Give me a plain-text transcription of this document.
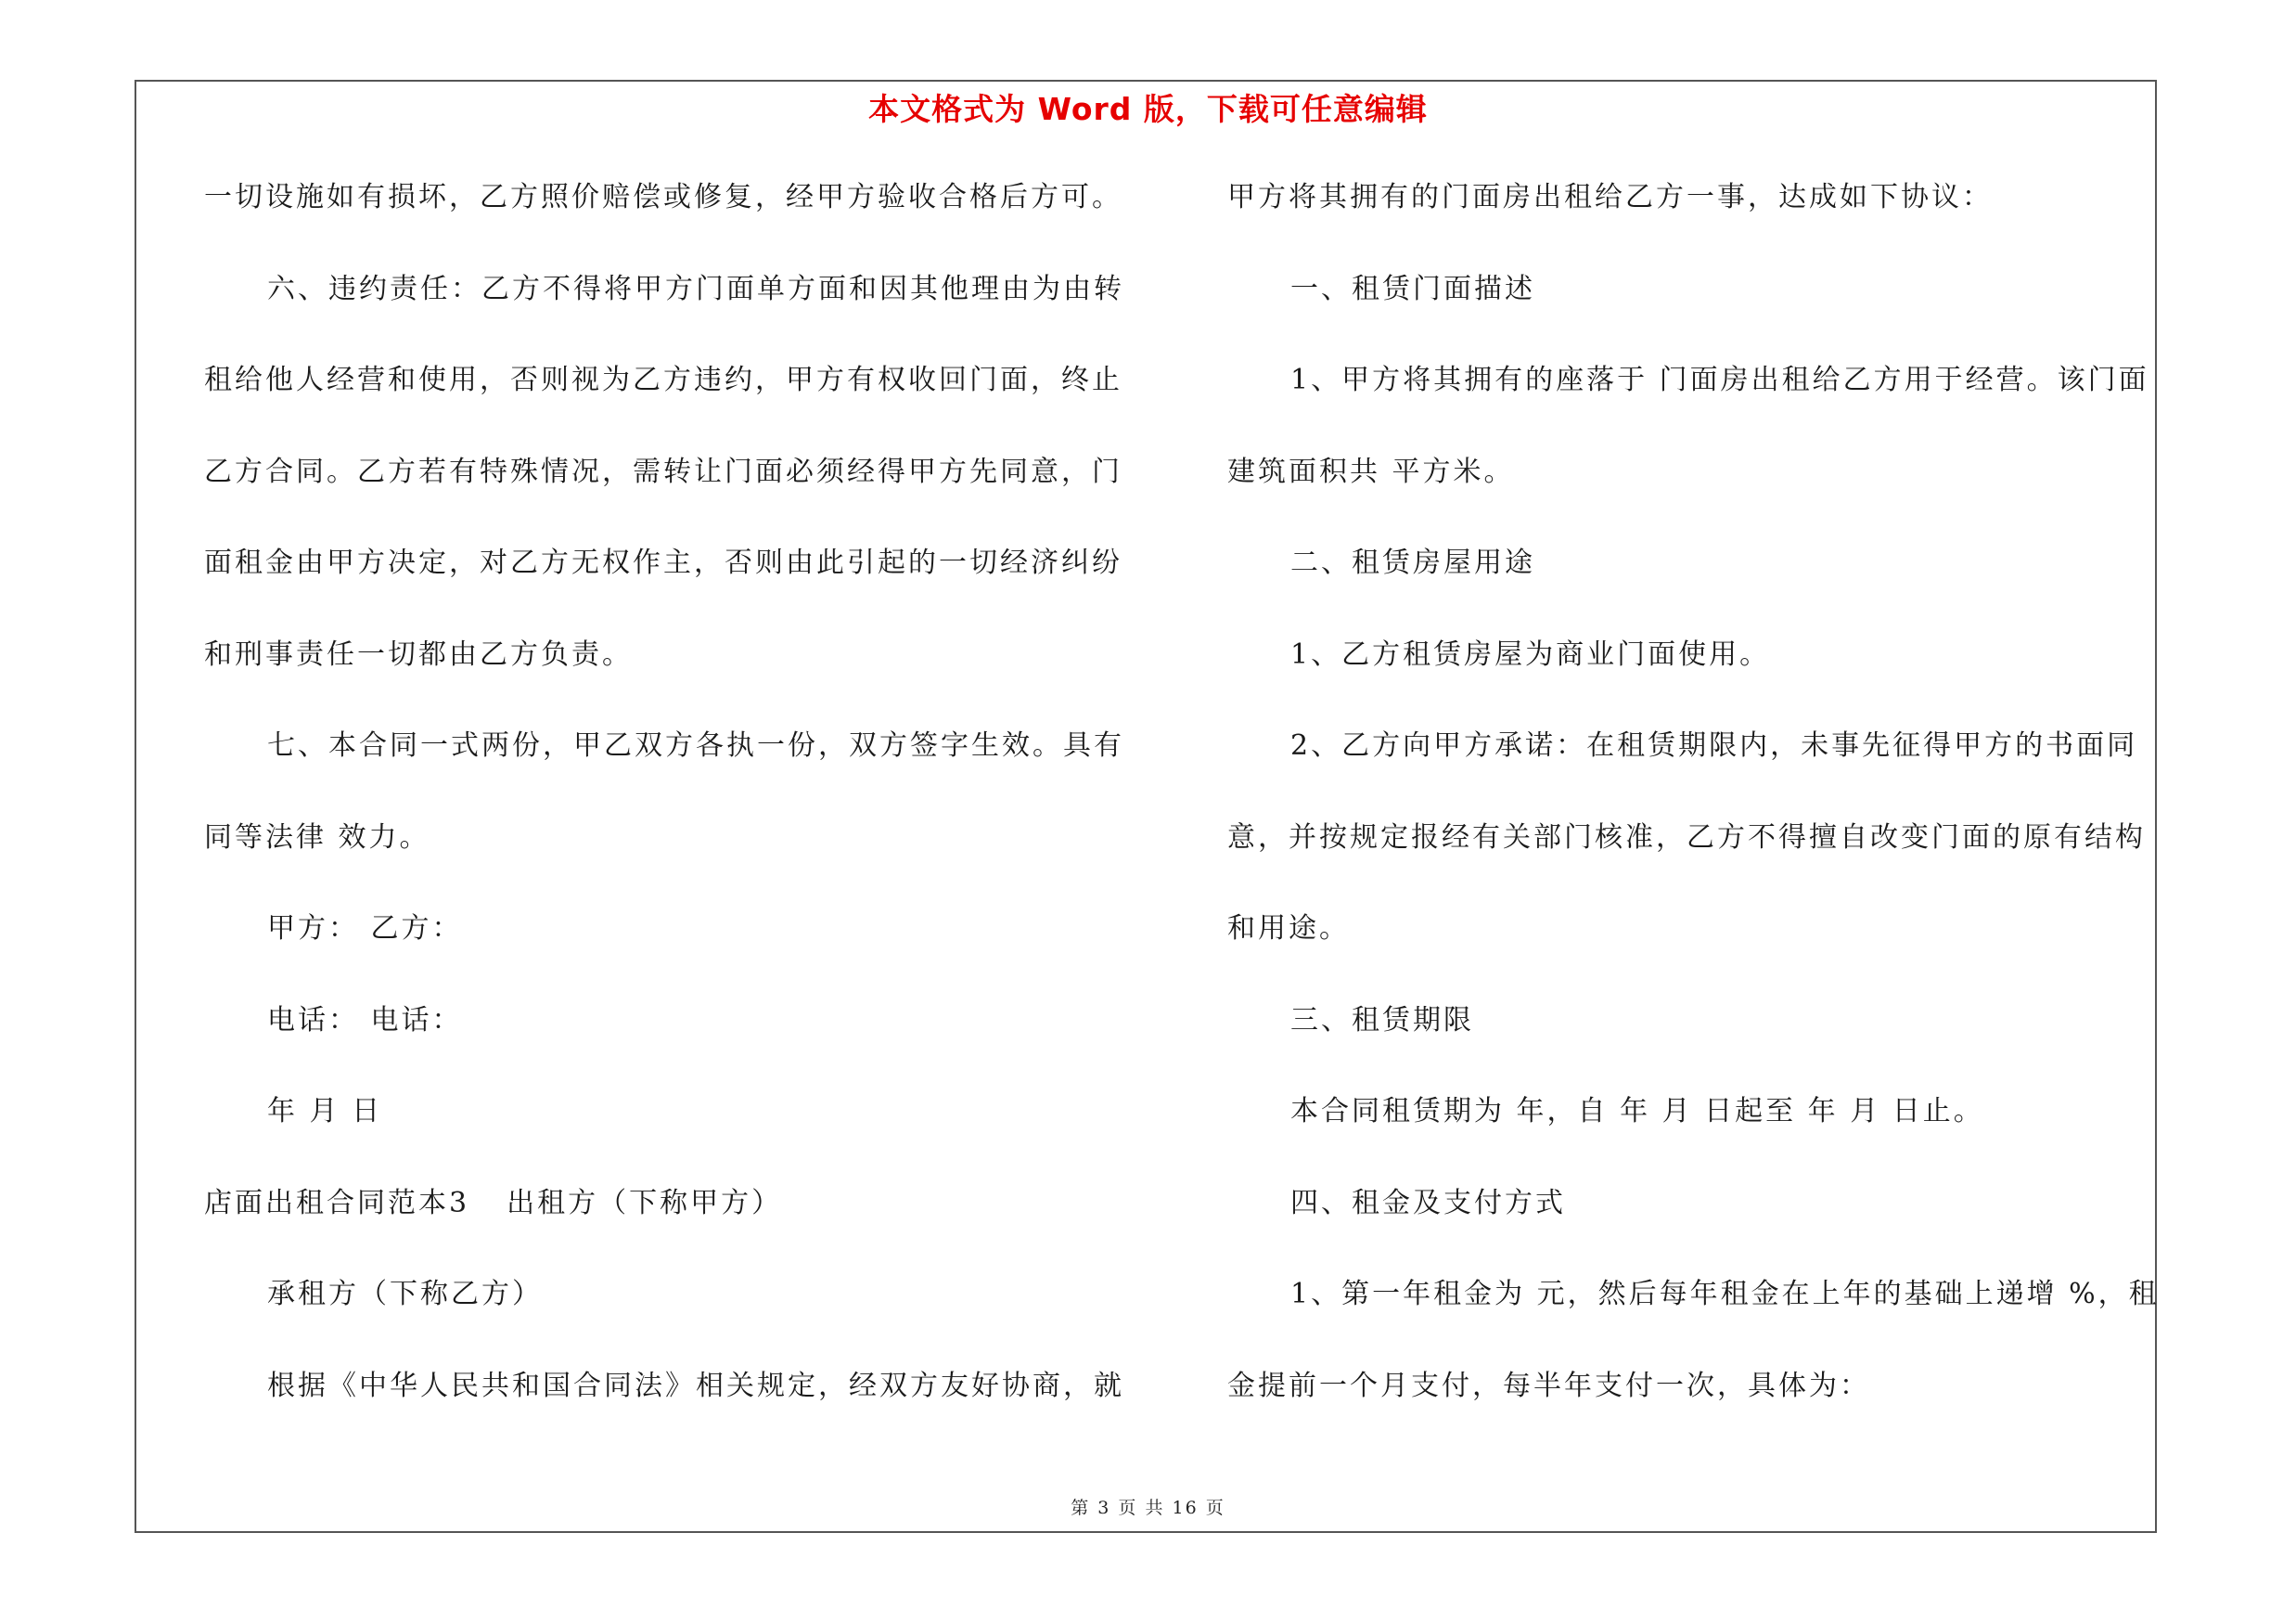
本文格式为 Word 版，下载可任意编辑
一切设施如有损坏，乙方照价赔偿或修复，经甲方验收合格后方可。
六、违约责任：乙方不得将甲方门面单方面和因其他理由为由转
租给他人经营和使用，否则视为乙方违约，甲方有权收回门面，终止
乙方合同。乙方若有特殊情况，需转让门面必须经得甲方先同意，门
面租金由甲方决定，对乙方无权作主，否则由此引起的一切经济纠纷
和刑事责任一切都由乙方负责。
七、本合同一式两份，甲乙双方各执一份，双方签字生效。具有
同等法律 效力。
甲方： 乙方：
电话： 电话：
年 月 日
店面出租合同范本3 出租方（下称甲方）
承租方（下称乙方）
根据《中华人民共和国合同法》相关规定，经双方友好协商，就
甲方将其拥有的门面房出租给乙方一事，达成如下协议：
一、租赁门面描述
1、甲方将其拥有的座落于 门面房出租给乙方用于经营。该门面
建筑面积共 平方米。
二、租赁房屋用途
1、乙方租赁房屋为商业门面使用。
2、乙方向甲方承诺：在租赁期限内，未事先征得甲方的书面同
意，并按规定报经有关部门核准，乙方不得擅自改变门面的原有结构
和用途。
三、租赁期限
本合同租赁期为 年，自 年 月 日起至 年 月 日止。
四、租金及支付方式
1、第一年租金为 元，然后每年租金在上年的基础上递增 %，租
金提前一个月支付，每半年支付一次，具体为：
第 3 页 共 16 页
